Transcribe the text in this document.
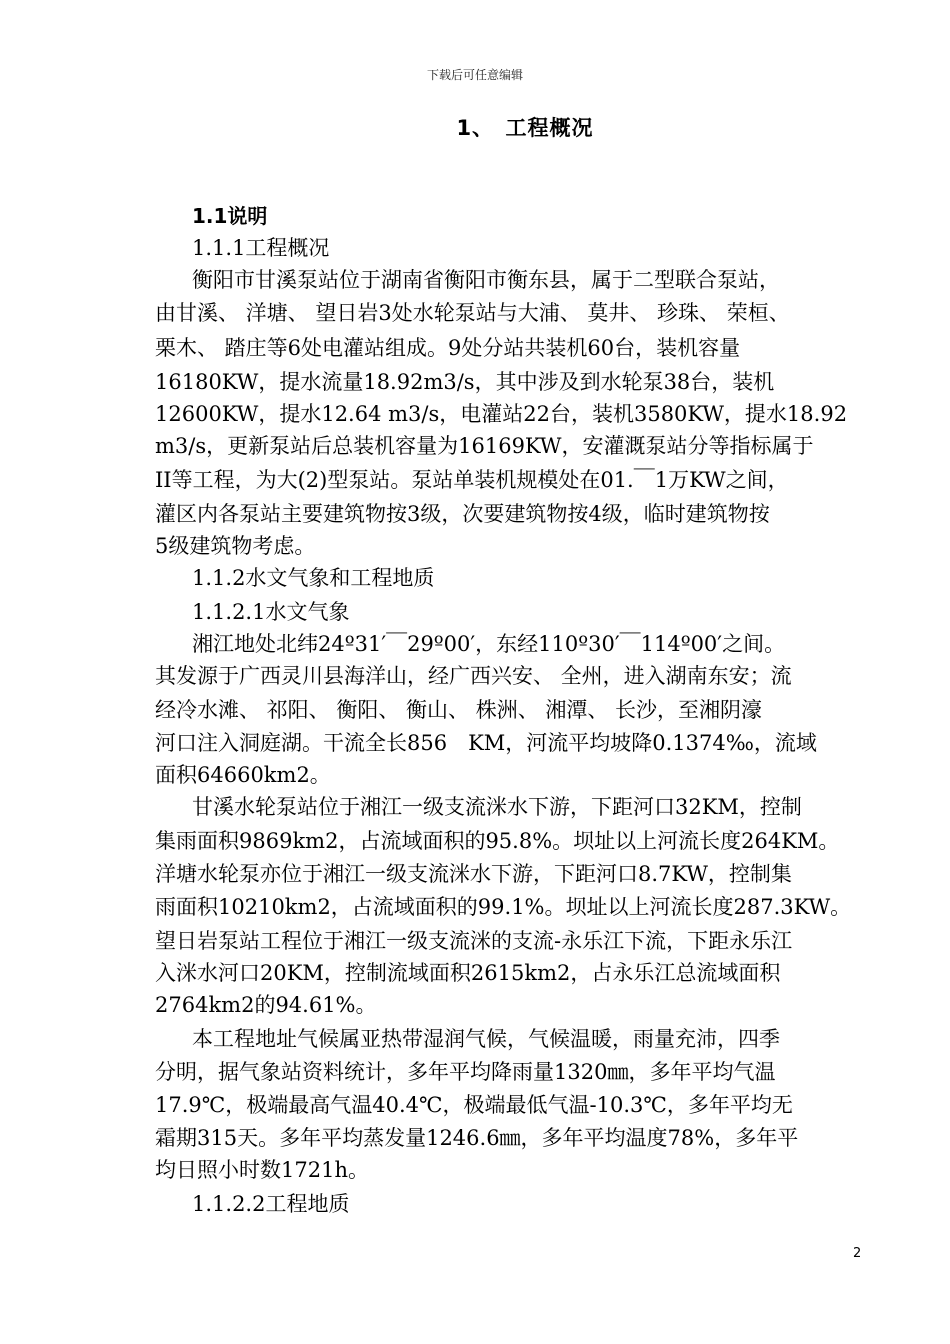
下载后可任意编辑
1、　工程概况
1.1说明
1.1.1工程概况
衡阳市甘溪泵站位于湖南省衡阳市衡东县，属于二型联合泵站，
由甘溪、 洋塘、 望日岩3处水轮泵站与大浦、 莫井、 珍珠、 荣桓、
栗木、 踏庄等6处电灌站组成。9处分站共装机60台，装机容量
16180KW，提水流量18.92m3/s，其中涉及到水轮泵38台，装机
12600KW，提水12.64 m3/s，电灌站22台，装机3580KW，提水18.92
m3/s，更新泵站后总装机容量为16169KW，安灌溉泵站分等指标属于
II等工程，为大(2)型泵站。泵站单装机规模处在01.￣1万KW之间，
灌区内各泵站主要建筑物按3级，次要建筑物按4级，临时建筑物按
5级建筑物考虑。
1.1.2水文气象和工程地质
1.1.2.1水文气象
湘江地处北纬24º31′￣29º00′，东经110º30′￣114º00′之间。
其发源于广西灵川县海洋山，经广西兴安、 全州，进入湖南东安；流
经冷水滩、 祁阳、 衡阳、 衡山、 株洲、 湘潭、 长沙，至湘阴濠
河口注入洞庭湖。干流全长856　KM，河流平均坡降0.1374‰，流域
面积64660km2。
甘溪水轮泵站位于湘江一级支流洣水下游，下距河口32KM，控制
集雨面积9869km2，占流域面积的95.8%。坝址以上河流长度264KM。
洋塘水轮泵亦位于湘江一级支流洣水下游，下距河口8.7KW，控制集
雨面积10210km2，占流域面积的99.1%。坝址以上河流长度287.3KW。
望日岩泵站工程位于湘江一级支流洣的支流-永乐江下流，下距永乐江
入洣水河口20KM，控制流域面积2615km2，占永乐江总流域面积
2764km2的94.61%。
本工程地址气候属亚热带湿润气候，气候温暖，雨量充沛，四季
分明，据气象站资料统计，多年平均降雨量1320㎜，多年平均气温
17.9℃，极端最高气温40.4℃，极端最低气温-10.3℃，多年平均无
霜期315天。多年平均蒸发量1246.6㎜，多年平均温度78%，多年平
均日照小时数1721h。
1.1.2.2工程地质
2
